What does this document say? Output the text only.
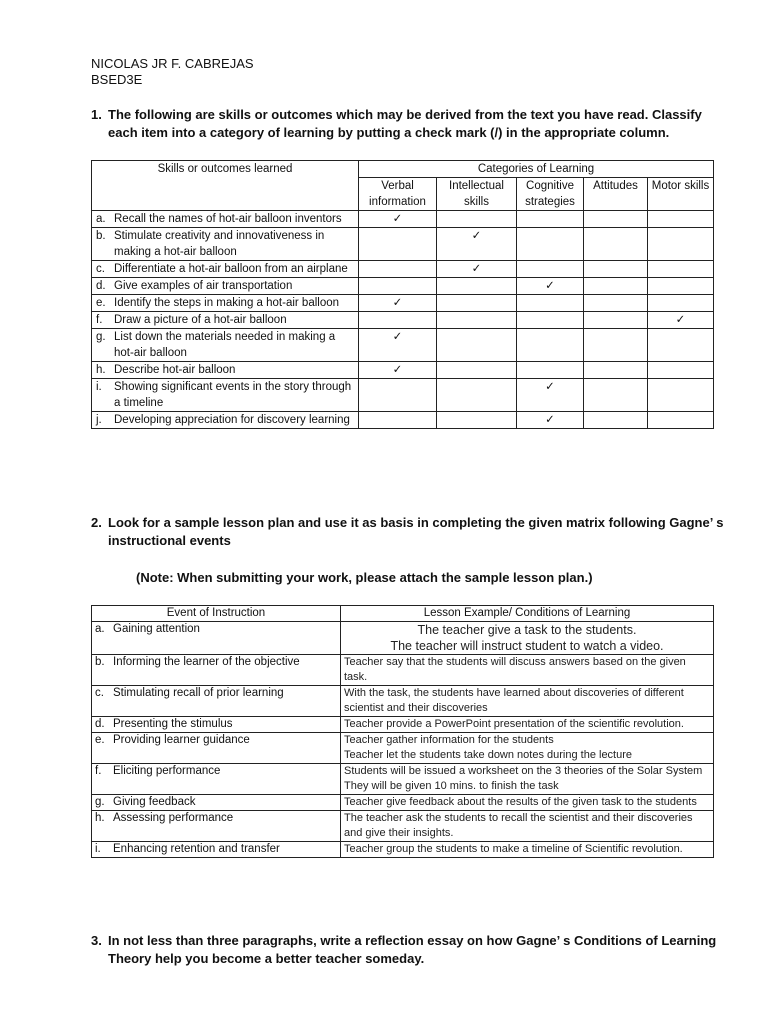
NICOLAS JR F. CABREJAS
BSED3E
1. The following are skills or outcomes which may be derived from the text you have read. Classify each item into a category of learning by putting a check mark (/) in the appropriate column.
Skills or outcomes learned	Categories of Learning				
	Verbal information	Intellectual skills	Cognitive strategies	Attitudes	Motor skills

a. Recall the names of hot-air balloon inventors	✓				

b. Stimulate creativity and innovativeness in making a hot-air balloon		✓			

c. Differentiate a hot-air balloon from an airplane		✓			

d. Give examples of air transportation			✓		

e. Identify the steps in making a hot-air balloon	✓				

f. Draw a picture of a hot-air balloon					✓

g. List down the materials needed in making a hot-air balloon	✓				

h. Describe hot-air balloon	✓				

i. Showing significant events in the story through a timeline			✓		

j. Developing appreciation for discovery learning			✓		
2. Look for a sample lesson plan and use it as basis in completing the given matrix following Gagne’ s instructional events
(Note: When submitting your work, please attach the sample lesson plan.)
Event of Instruction	Lesson Example/ Conditions of Learning

a. Gaining attention	The teacher give a task to the students.
The teacher will instruct student to watch a video.

b. Informing the learner of the objective	Teacher say that the students will discuss answers based on the given task.

c. Stimulating recall of prior learning	With the task, the students have learned about discoveries of different scientist and their discoveries

d. Presenting the stimulus	Teacher provide a PowerPoint presentation of the scientific revolution.

e. Providing learner guidance	Teacher gather information for the students
Teacher let the students take down notes during the lecture

f. Eliciting performance	Students will be issued a worksheet on the 3 theories of the Solar System
They will be given 10 mins. to finish the task

g. Giving feedback	Teacher give feedback about the results of the given task to the students

h. Assessing performance	The teacher ask the students to recall the scientist and their discoveries and give their insights.

i. Enhancing retention and transfer	Teacher group the students to make a timeline of Scientific revolution.
3. In not less than three paragraphs, write a reflection essay on how Gagne’ s Conditions of Learning Theory help you become a better teacher someday.
